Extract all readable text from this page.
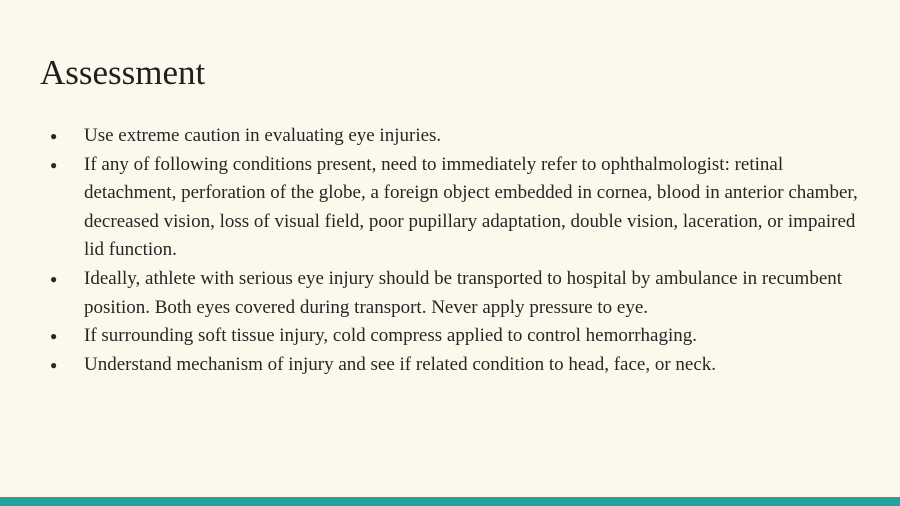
Assessment
●	Use extreme caution in evaluating eye injuries.
●	If any of following conditions present, need to immediately refer to ophthalmologist: retinal detachment, perforation of the globe, a foreign object embedded in cornea, blood in anterior chamber, decreased vision, loss of visual field, poor pupillary adaptation, double vision, laceration, or impaired lid function.
●	Ideally, athlete with serious eye injury should be transported to hospital by ambulance in recumbent position. Both eyes covered during transport. Never apply pressure to eye.
●	If surrounding soft tissue injury, cold compress applied to control hemorrhaging.
●	Understand mechanism of injury and see if related condition to head, face, or neck.
